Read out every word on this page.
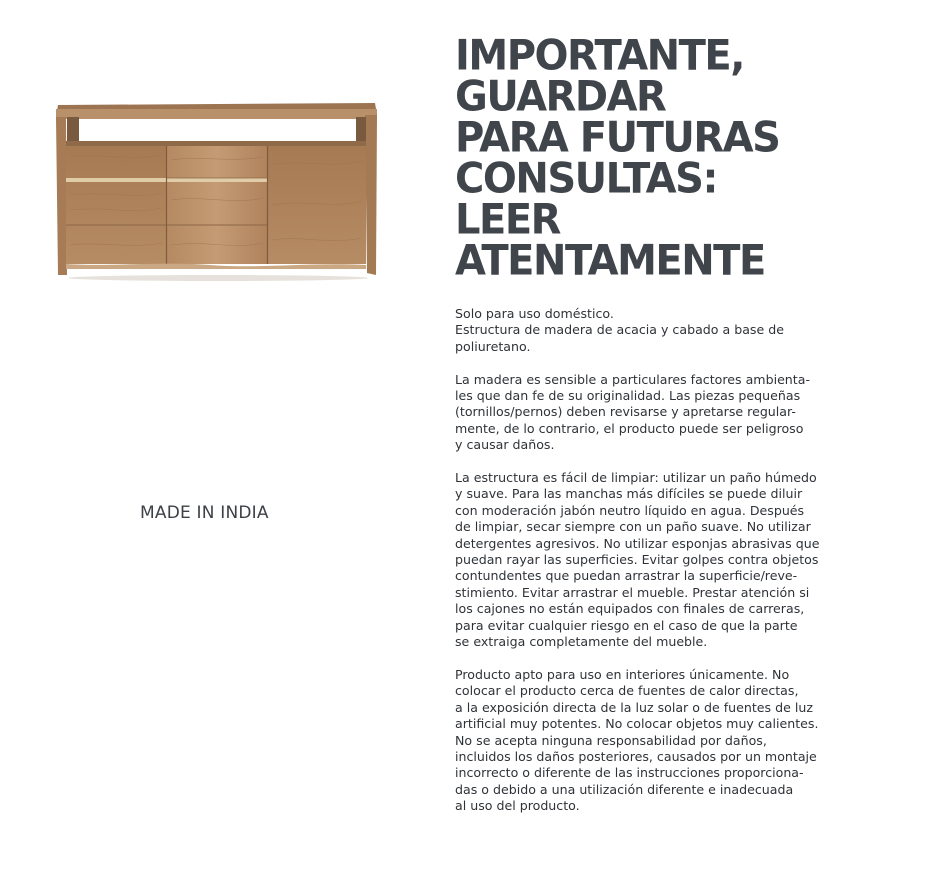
MADE IN INDIA
IMPORTANTE,
GUARDAR
PARA FUTURAS
CONSULTAS:
LEER
ATENTAMENTE

Solo para uso doméstico.
Estructura de madera de acacia y cabado a base de
poliuretano.

La madera es sensible a particulares factores ambienta-
les que dan fe de su originalidad. Las piezas pequeñas
(tornillos/pernos) deben revisarse y apretarse regular-
mente, de lo contrario, el producto puede ser peligroso
y causar daños.

La estructura es fácil de limpiar: utilizar un paño húmedo
y suave. Para las manchas más difíciles se puede diluir
con moderación jabón neutro líquido en agua. Después
de limpiar, secar siempre con un paño suave. No utilizar
detergentes agresivos. No utilizar esponjas abrasivas que
puedan rayar las superficies. Evitar golpes contra objetos
contundentes que puedan arrastrar la superficie/reve-
stimiento. Evitar arrastrar el mueble. Prestar atención si
los cajones no están equipados con finales de carreras,
para evitar cualquier riesgo en el caso de que la parte
se extraiga completamente del mueble.

Producto apto para uso en interiores únicamente. No
colocar el producto cerca de fuentes de calor directas,
a la exposición directa de la luz solar o de fuentes de luz
artificial muy potentes. No colocar objetos muy calientes.
No se acepta ninguna responsabilidad por daños,
incluidos los daños posteriores, causados por un montaje
incorrecto o diferente de las instrucciones proporciona-
das o debido a una utilización diferente e inadecuada
al uso del producto.
